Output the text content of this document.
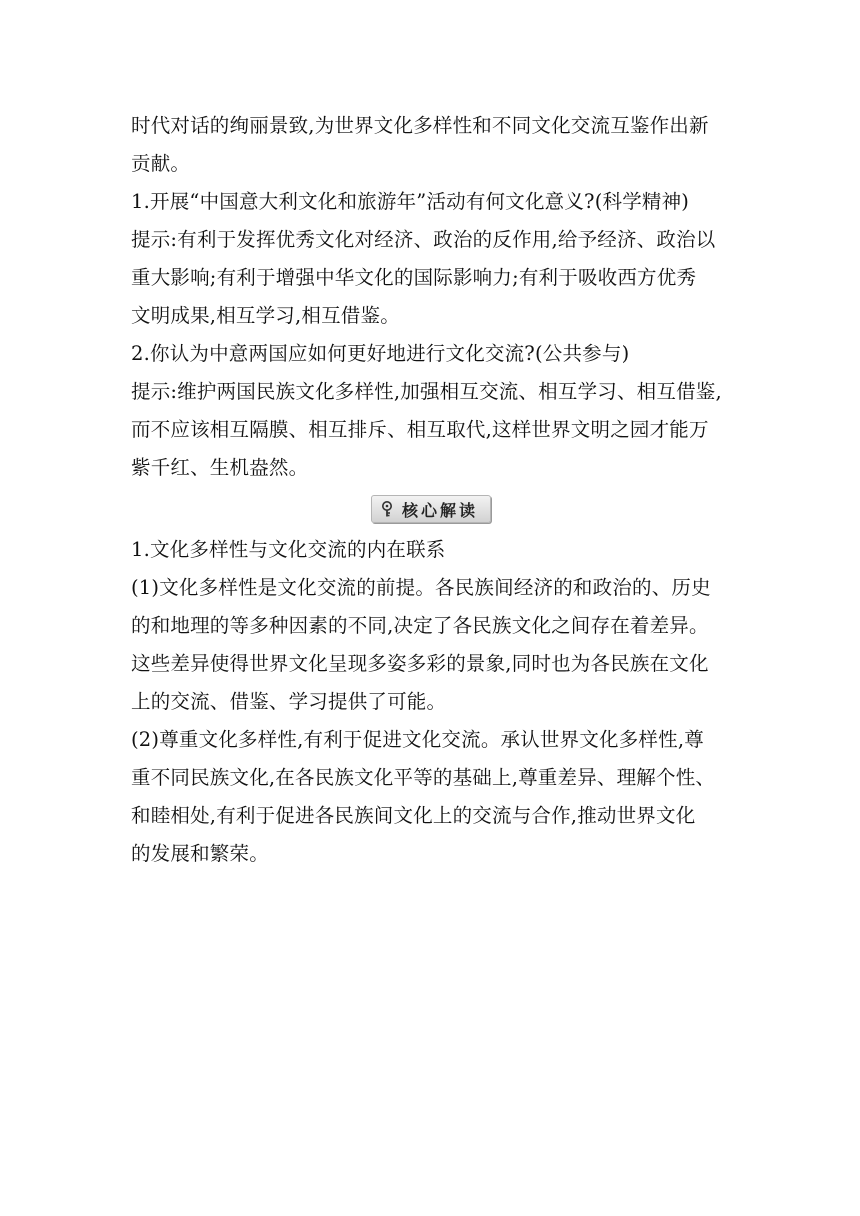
时代对话的绚丽景致,为世界文化多样性和不同文化交流互鉴作出新
贡献。
1.开展“中国意大利文化和旅游年”活动有何文化意义?(科学精神)
提示:有利于发挥优秀文化对经济、政治的反作用,给予经济、政治以
重大影响;有利于增强中华文化的国际影响力;有利于吸收西方优秀
文明成果,相互学习,相互借鉴。
2.你认为中意两国应如何更好地进行文化交流?(公共参与)
提示:维护两国民族文化多样性,加强相互交流、相互学习、相互借鉴,
而不应该相互隔膜、相互排斥、相互取代,这样世界文明之园才能万
紫千红、生机盎然。
核心解读
1.文化多样性与文化交流的内在联系
(1)文化多样性是文化交流的前提。各民族间经济的和政治的、历史
的和地理的等多种因素的不同,决定了各民族文化之间存在着差异。
这些差异使得世界文化呈现多姿多彩的景象,同时也为各民族在文化
上的交流、借鉴、学习提供了可能。
(2)尊重文化多样性,有利于促进文化交流。承认世界文化多样性,尊
重不同民族文化,在各民族文化平等的基础上,尊重差异、理解个性、
和睦相处,有利于促进各民族间文化上的交流与合作,推动世界文化
的发展和繁荣。
